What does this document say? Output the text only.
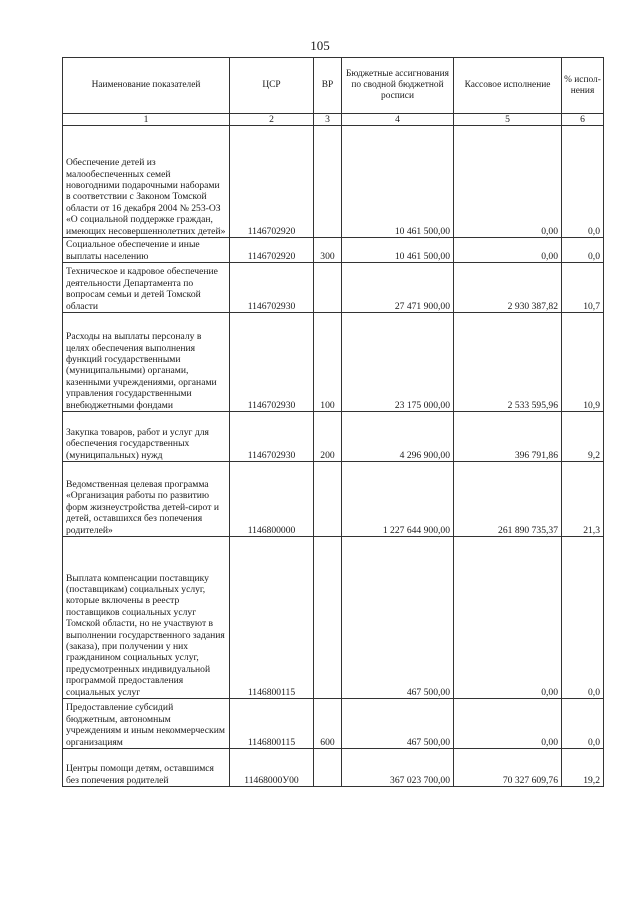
105
Наименование показателей	ЦСР	ВР	Бюджетные ассигнования по сводной бюджетной росписи	Кассовое исполнение	% испол-нения
1	2	3	4	5	6
Обеспечение детей из малообеспеченных семей новогодними подарочными наборами в соответствии с Законом Томской области от 16 декабря 2004 № 253-ОЗ «О социальной поддержке граждан, имеющих несовершеннолетних детей»	1146702920		10 461 500,00	0,00	0,0
Социальное обеспечение и иные выплаты населению	1146702920	300	10 461 500,00	0,00	0,0
Техническое и кадровое обеспечение деятельности Департамента по вопросам семьи и детей Томской области	1146702930		27 471 900,00	2 930 387,82	10,7
Расходы на выплаты персоналу в целях обеспечения выполнения функций государственными (муниципальными) органами, казенными учреждениями, органами управления государственными внебюджетными фондами	1146702930	100	23 175 000,00	2 533 595,96	10,9
Закупка товаров, работ и услуг для обеспечения государственных (муниципальных) нужд	1146702930	200	4 296 900,00	396 791,86	9,2
Ведомственная целевая программа «Организация работы по развитию форм жизнеустройства детей-сирот и детей, оставшихся без попечения родителей»	1146800000		1 227 644 900,00	261 890 735,37	21,3
Выплата компенсации поставщику (поставщикам) социальных услуг, которые включены в реестр поставщиков социальных услуг Томской области, но не участвуют в выполнении государственного задания (заказа), при получении у них гражданином социальных услуг, предусмотренных индивидуальной программой предоставления социальных услуг	1146800115		467 500,00	0,00	0,0
Предоставление субсидий бюджетным, автономным учреждениям и иным некоммерческим организациям	1146800115	600	467 500,00	0,00	0,0
Центры помощи детям, оставшимся без попечения родителей	11468000У00		367 023 700,00	70 327 609,76	19,2
